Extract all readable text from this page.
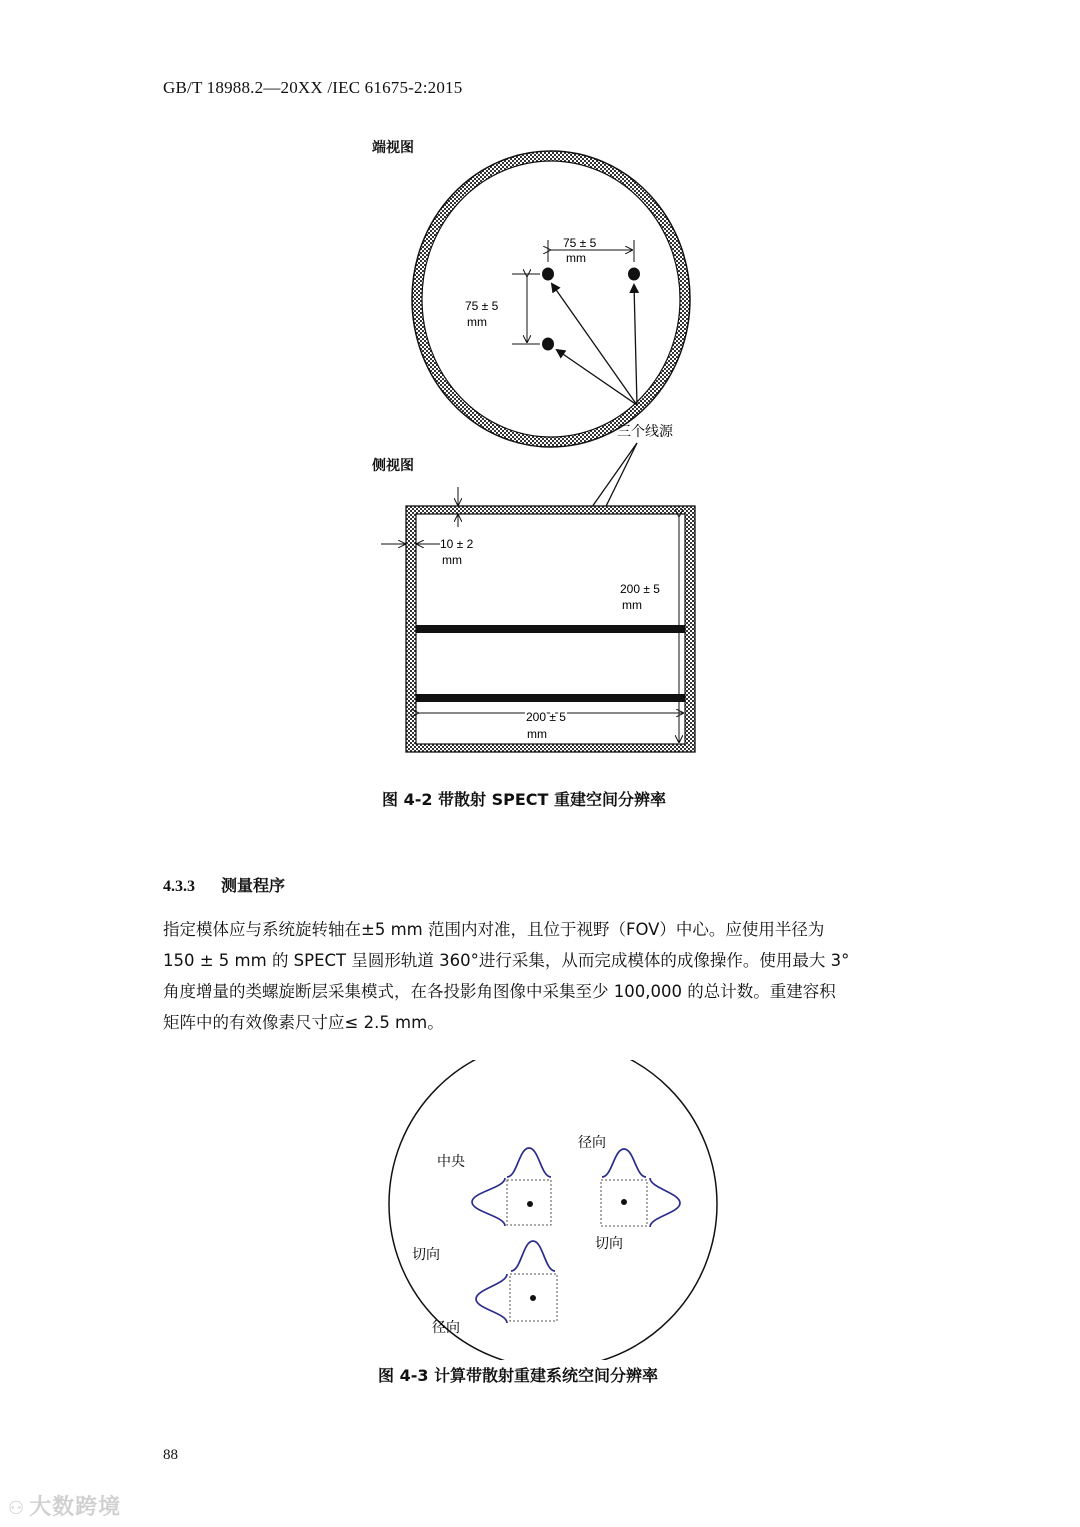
GB/T 18988.2—20XX /IEC 61675-2:2015
端视图
侧视图
75 ± 5
mm
75 ± 5
mm
10 ± 2
mm
200 ± 5
mm
200 ± 5
mm
三个线源
图 4-2 带散射 SPECT 重建空间分辨率
4.3.3 测量程序
指定模体应与系统旋转轴在±5 mm 范围内对准，且位于视野（FOV）中心。应使用半径为
150 ± 5 mm 的 SPECT 呈圆形轨道 360°进行采集，从而完成模体的成像操作。使用最大 3°
角度增量的类螺旋断层采集模式，在各投影角图像中采集至少 100,000 的总计数。重建容积
矩阵中的有效像素尺寸应≤ 2.5 mm。
中央
径向
切向
切向
径向
图 4-3 计算带散射重建系统空间分辨率
88
⚇ 大数跨境
